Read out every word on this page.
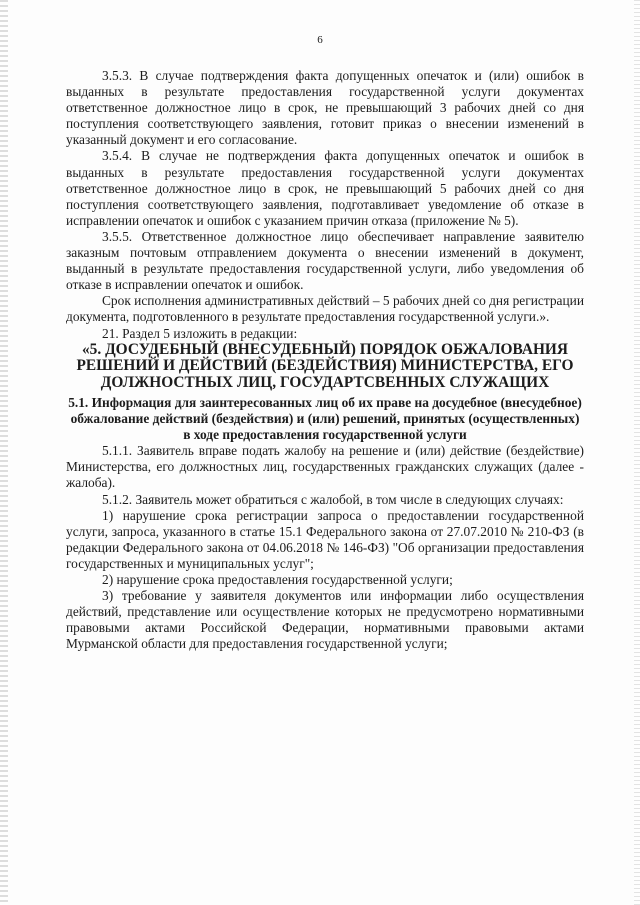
6

3.5.3. В случае подтверждения факта допущенных опечаток и (или) ошибок в выданных в результате предоставления государственной услуги документах ответственное должностное лицо в срок, не превышающий 3 рабочих дней со дня поступления соответствующего заявления, готовит приказ о внесении изменений в указанный документ и его согласование.

3.5.4. В случае не подтверждения факта допущенных опечаток и ошибок в выданных в результате предоставления государственной услуги документах ответственное должностное лицо в срок, не превышающий 5 рабочих дней со дня поступления соответствующего заявления, подготавливает уведомление об отказе в исправлении опечаток и ошибок с указанием причин отказа (приложение № 5).

3.5.5. Ответственное должностное лицо обеспечивает направление заявителю заказным почтовым отправлением документа о внесении изменений в документ, выданный в результате предоставления государственной услуги, либо уведомления об отказе в исправлении опечаток и ошибок.

Срок исполнения административных действий – 5 рабочих дней со дня регистрации документа, подготовленного в результате предоставления государственной услуги.».

21. Раздел 5 изложить в редакции:

«5. ДОСУДЕБНЫЙ (ВНЕСУДЕБНЫЙ) ПОРЯДОК ОБЖАЛОВАНИЯ РЕШЕНИЙ И ДЕЙСТВИЙ (БЕЗДЕЙСТВИЯ) МИНИСТЕРСТВА, ЕГО ДОЛЖНОСТНЫХ ЛИЦ, ГОСУДАРТСВЕННЫХ СЛУЖАЩИХ

5.1. Информация для заинтересованных лиц об их праве на досудебное (внесудебное) обжалование действий (бездействия) и (или) решений, принятых (осуществленных) в ходе предоставления государственной услуги

5.1.1. Заявитель вправе подать жалобу на решение и (или) действие (бездействие) Министерства, его должностных лиц, государственных гражданских служащих (далее - жалоба).

5.1.2. Заявитель может обратиться с жалобой, в том числе в следующих случаях:

1) нарушение срока регистрации запроса о предоставлении государственной услуги, запроса, указанного в статье 15.1 Федерального закона от 27.07.2010 № 210-ФЗ (в редакции Федерального закона от 04.06.2018 № 146-ФЗ) "Об организации предоставления государственных и муниципальных услуг";

2) нарушение срока предоставления государственной услуги;

3) требование у заявителя документов или информации либо осуществления действий, представление или осуществление которых не предусмотрено нормативными правовыми актами Российской Федерации, нормативными правовыми актами Мурманской области для предоставления государственной услуги;
